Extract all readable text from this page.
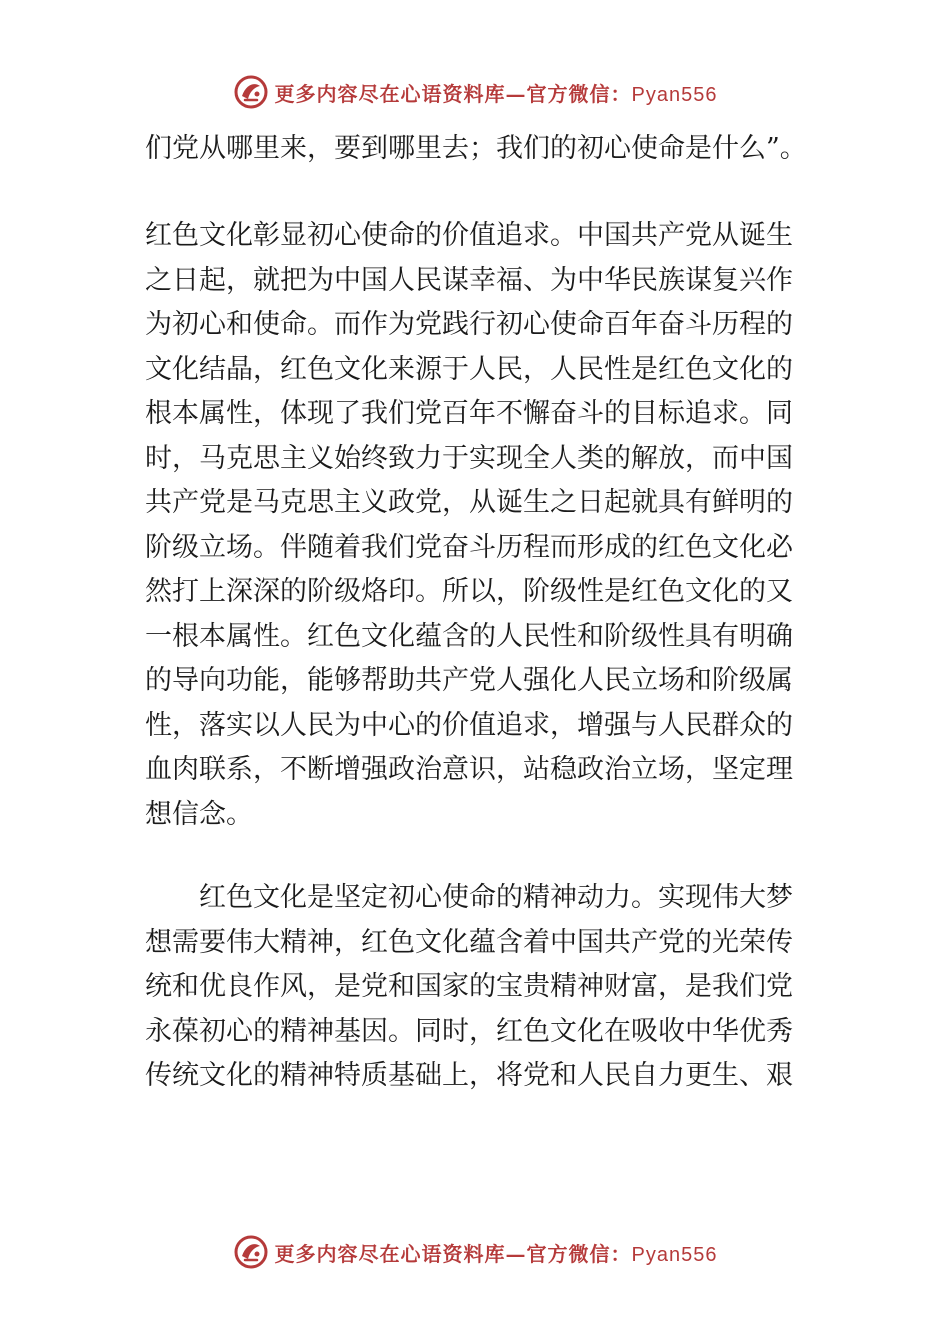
更多内容尽在心语资料库—官方微信：Pyan556
们党从哪里来，要到哪里去；我们的初心使命是什么”。
红色文化彰显初心使命的价值追求。中国共产党从诞生
之日起，就把为中国人民谋幸福、为中华民族谋复兴作
为初心和使命。而作为党践行初心使命百年奋斗历程的
文化结晶，红色文化来源于人民，人民性是红色文化的
根本属性，体现了我们党百年不懈奋斗的目标追求。同
时，马克思主义始终致力于实现全人类的解放，而中国
共产党是马克思主义政党，从诞生之日起就具有鲜明的
阶级立场。伴随着我们党奋斗历程而形成的红色文化必
然打上深深的阶级烙印。所以，阶级性是红色文化的又
一根本属性。红色文化蕴含的人民性和阶级性具有明确
的导向功能，能够帮助共产党人强化人民立场和阶级属
性，落实以人民为中心的价值追求，增强与人民群众的
血肉联系，不断增强政治意识，站稳政治立场，坚定理
想信念。
　　红色文化是坚定初心使命的精神动力。实现伟大梦
想需要伟大精神，红色文化蕴含着中国共产党的光荣传
统和优良作风，是党和国家的宝贵精神财富，是我们党
永葆初心的精神基因。同时，红色文化在吸收中华优秀
传统文化的精神特质基础上，将党和人民自力更生、艰
更多内容尽在心语资料库—官方微信：Pyan556
